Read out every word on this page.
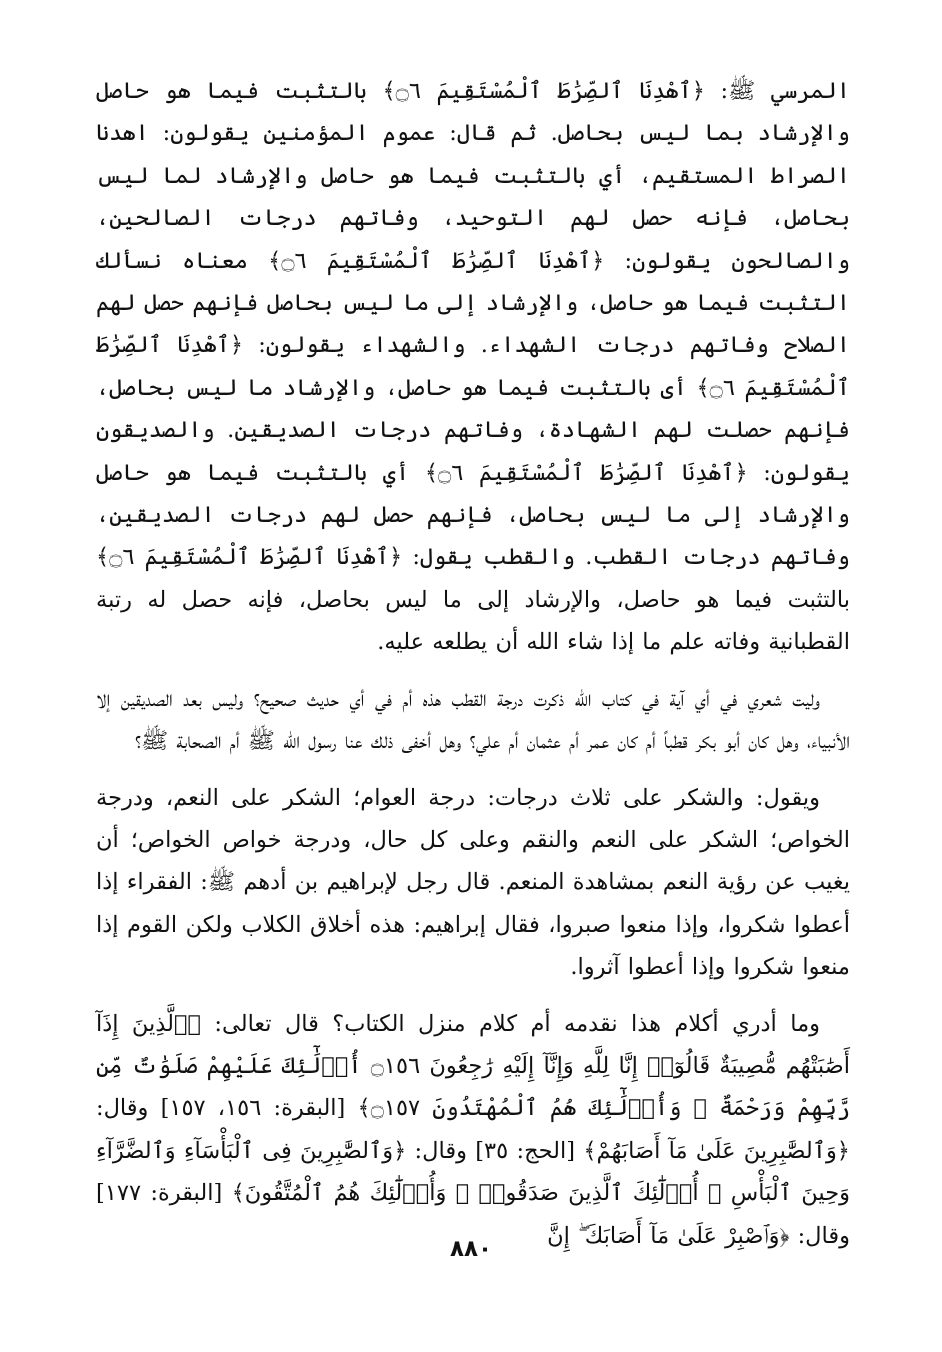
المرسي ﷺ: ﴿ٱهْدِنَا ٱلصِّرَٰطَ ٱلْمُسْتَقِيمَ ۝٦﴾ بالتثبت فيما هو حاصل والإرشاد بما ليس بحاصل. ثم قال: عموم المؤمنين يقولون: اهدنا الصراط المستقيم، أي بالتثبت فيما هو حاصل والإرشاد لما ليس بحاصل، فإنه حصل لهم التوحيد، وفاتهم درجات الصالحين، والصالحون يقولون: ﴿ٱهْدِنَا ٱلصِّرَٰطَ ٱلْمُسْتَقِيمَ ۝٦﴾ معناه نسألك التثبت فيما هو حاصل، والإرشاد إلى ما ليس بحاصل فإنهم حصل لهم الصلاح وفاتهم درجات الشهداء. والشهداء يقولون: ﴿ٱهْدِنَا ٱلصِّرَٰطَ ٱلْمُسْتَقِيمَ ۝٦﴾ أى بالتثبت فيما هو حاصل، والإرشاد ما ليس بحاصل، فإنهم حصلت لهم الشهادة، وفاتهم درجات الصديقين. والصديقون يقولون: ﴿ٱهْدِنَا ٱلصِّرَٰطَ ٱلْمُسْتَقِيمَ ۝٦﴾ أي بالتثبت فيما هو حاصل والإرشاد إلى ما ليس بحاصل، فإنهم حصل لهم درجات الصديقين، وفاتهم درجات القطب. والقطب يقول: ﴿ٱهْدِنَا ٱلصِّرَٰطَ ٱلْمُسْتَقِيمَ ۝٦﴾ بالتثبت فيما هو حاصل، والإرشاد إلى ما ليس بحاصل، فإنه حصل له رتبة القطبانية وفاته علم ما إذا شاء الله أن يطلعه عليه.

وليت شعري في أي آية في كتاب الله ذكرت درجة القطب هذه أم في أي حديث صحيح؟ وليس بعد الصديقين إلا الأنبياء، وهل كان أبو بكر قطباً أم كان عمر أم عثمان أم علي؟ وهل أخفى ذلك عنا رسول الله ﷺ أم الصحابة ﷺ؟

ويقول: والشكر على ثلاث درجات: درجة العوام؛ الشكر على النعم، ودرجة الخواص؛ الشكر على النعم والنقم وعلى كل حال، ودرجة خواص الخواص؛ أن يغيب عن رؤية النعم بمشاهدة المنعم. قال رجل لإبراهيم بن أدهم ﷺ: الفقراء إذا أعطوا شكروا، وإذا منعوا صبروا، فقال إبراهيم: هذه أخلاق الكلاب ولكن القوم إذا منعوا شكروا وإذا أعطوا آثروا.

وما أدري أكلام هذا نقدمه أم كلام منزل الكتاب؟ قال تعالى: ﴿ٱلَّذِينَ إِذَآ أَصَٰبَتْهُم مُّصِيبَةٌ قَالُوٓا۟ إِنَّا لِلَّهِ وَإِنَّآ إِلَيْهِ رَٰجِعُونَ ۝١٥٦ أُو۟لَٰٓئِكَ عَلَيْهِمْ صَلَوَٰتٌ مِّن رَّبِّهِمْ وَرَحْمَةٌ ۖ وَأُو۟لَٰٓئِكَ هُمُ ٱلْمُهْتَدُونَ ۝١٥٧﴾ [البقرة: ١٥٦، ١٥٧] وقال: ﴿وَٱلصَّٰبِرِينَ عَلَىٰ مَآ أَصَابَهُمْ﴾ [الحج: ٣٥] وقال: ﴿وَٱلصَّٰبِرِينَ فِى ٱلْبَأْسَآءِ وَٱلضَّرَّآءِ وَحِينَ ٱلْبَأْسِ ۗ أُو۟لَٰٓئِكَ ٱلَّذِينَ صَدَقُوا۟ ۖ وَأُو۟لَٰٓئِكَ هُمُ ٱلْمُتَّقُونَ﴾ [البقرة: ١٧٧] وقال: ﴿وَٱصْبِرْ عَلَىٰ مَآ أَصَابَكَ ۖ إِنَّ

٨٨٠
